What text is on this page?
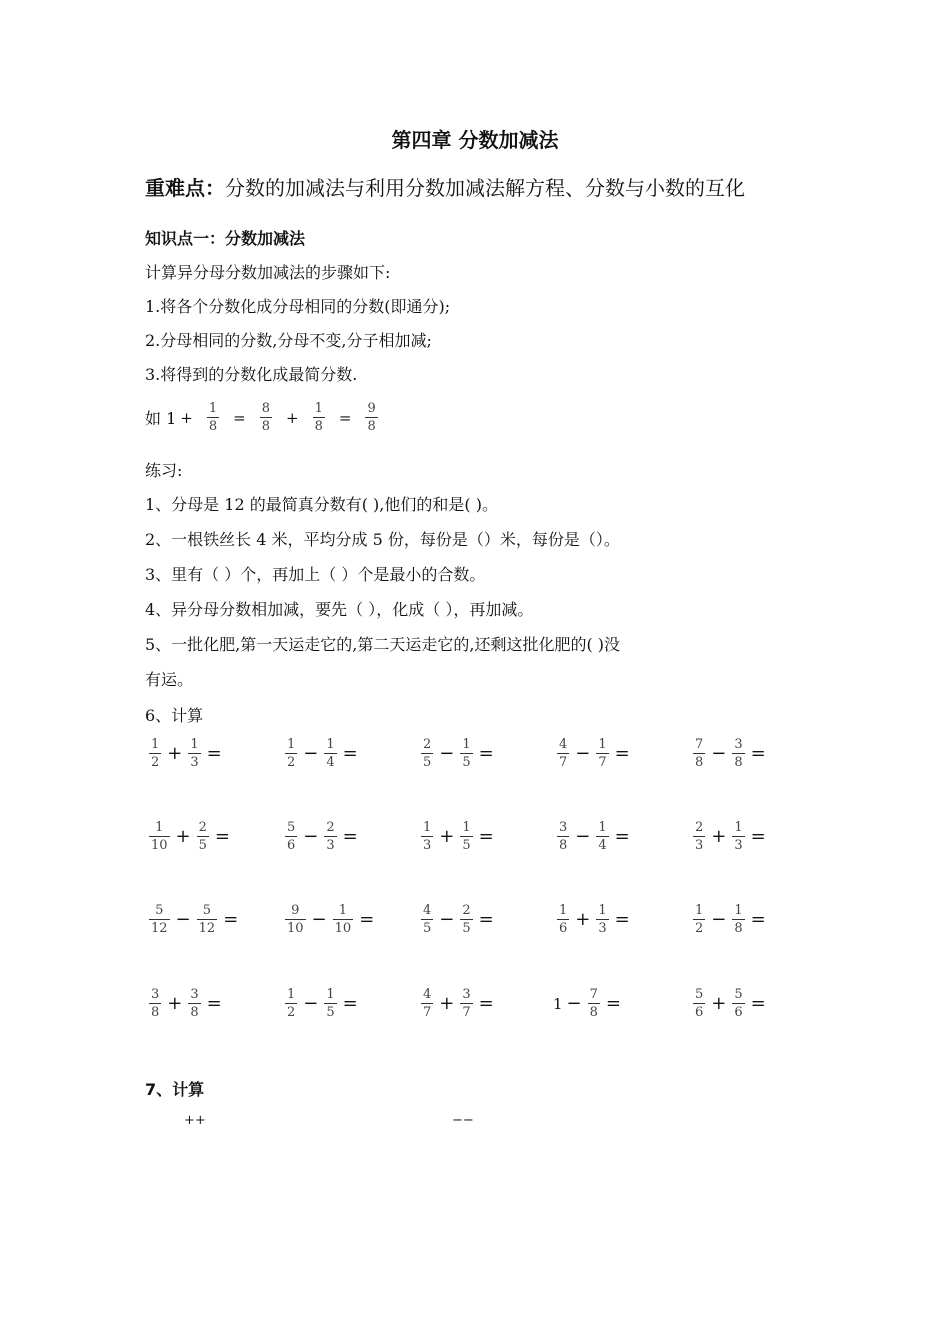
第四章 分数加减法
重难点：分数的加减法与利用分数加减法解方程、分数与小数的互化
知识点一：分数加减法
计算异分母分数加减法的步骤如下:
1.将各个分数化成分母相同的分数(即通分);
2.分母相同的分数,分母不变,分子相加减;
3.将得到的分数化成最简分数.
如 $1 + \frac{1}{8} = \frac{8}{8} + \frac{1}{8} = \frac{9}{8}$
练习:
1、分母是 12 的最简真分数有( ),他们的和是( )。
2、一根铁丝长 4 米，平均分成 5 份，每份是（）米，每份是（）。
3、里有（ ）个，再加上（ ）个是最小的合数。
4、异分母分数相加减，要先（ ），化成（ ），再加减。
5、一批化肥,第一天运走它的,第二天运走它的,还剩这批化肥的( )没
有运。
6、计算
$\frac{1}{2} + \frac{1}{3}$ =	$\frac{1}{2} - \frac{1}{4}$ =	$\frac{2}{5} - \frac{1}{5}$ =	$\frac{4}{7} - \frac{1}{7}$ =	$\frac{7}{8} - \frac{3}{8}$ =
$\frac{1}{10} + \frac{2}{5}$ =	$\frac{5}{6} - \frac{2}{3}$ =	$\frac{1}{3} + \frac{1}{5}$ =	$\frac{3}{8} - \frac{1}{4}$ =	$\frac{2}{3} + \frac{1}{3}$ =
$\frac{5}{12} - \frac{5}{12}$ =	$\frac{9}{10} - \frac{1}{10}$ =	$\frac{4}{5} - \frac{2}{5}$ =	$\frac{1}{6} + \frac{1}{3}$ =	$\frac{1}{2} - \frac{1}{8}$ =
$\frac{3}{8} + \frac{3}{8}$ =	$\frac{1}{2} - \frac{1}{5}$ =	$\frac{4}{7} + \frac{3}{7}$ =	$1 - \frac{7}{8}$ =	$\frac{5}{6} + \frac{5}{6}$ =
7、计算
++	−−
